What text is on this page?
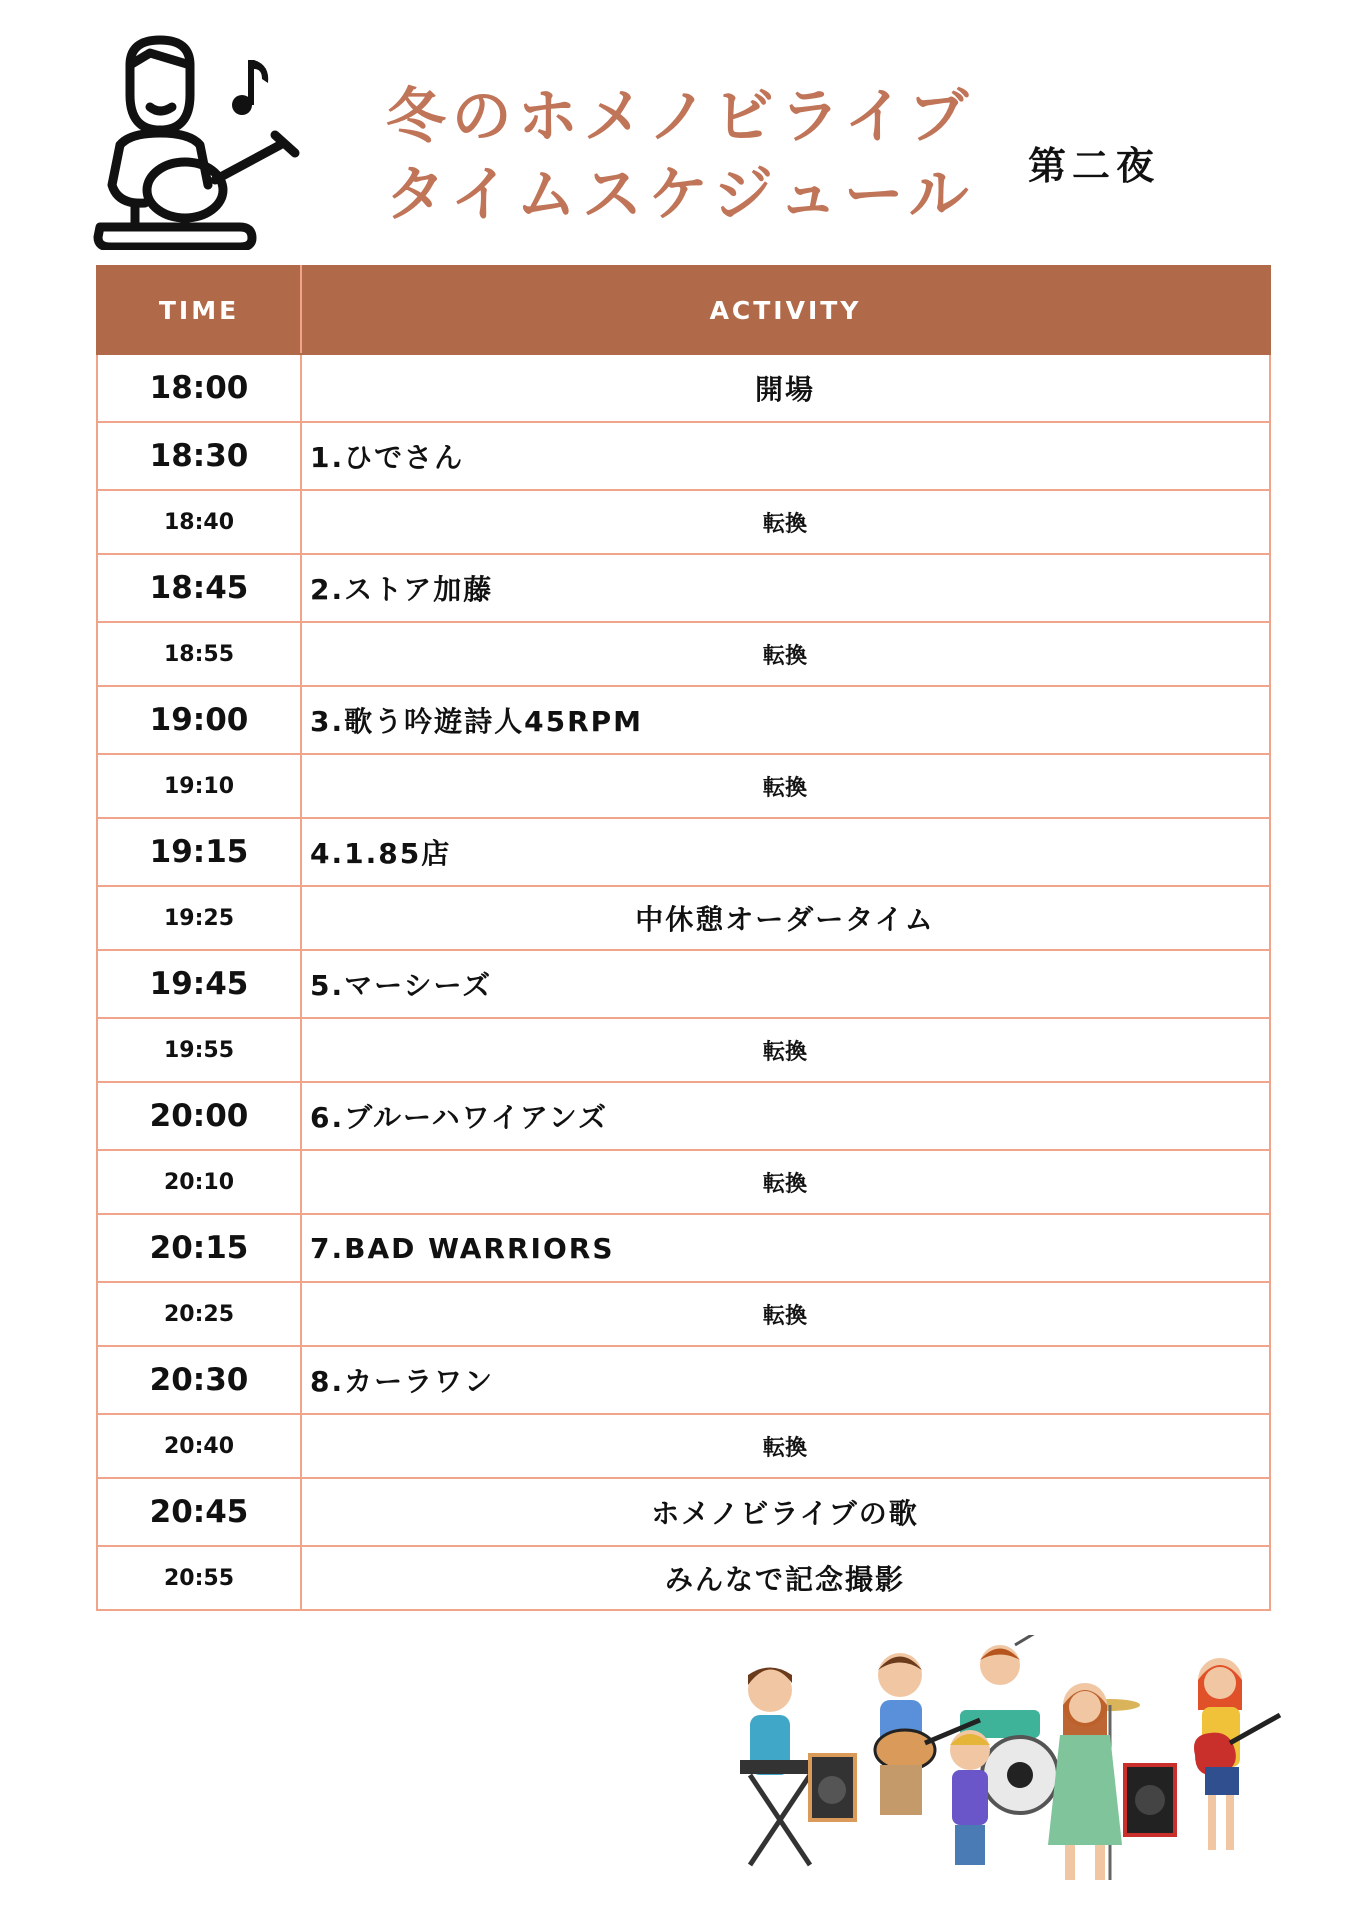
冬のホメノビライブ
タイムスケジュール 第二夜
TIME	ACTIVITY
18:00	開場
18:30	1.ひでさん
18:40	転換
18:45	2.ストア加藤
18:55	転換
19:00	3.歌う吟遊詩人45RPM
19:10	転換
19:15	4.1.85店
19:25	中休憩オーダータイム
19:45	5.マーシーズ
19:55	転換
20:00	6.ブルーハワイアンズ
20:10	転換
20:15	7.BAD WARRIORS
20:25	転換
20:30	8.カーラワン
20:40	転換
20:45	ホメノビライブの歌
20:55	みんなで記念撮影
